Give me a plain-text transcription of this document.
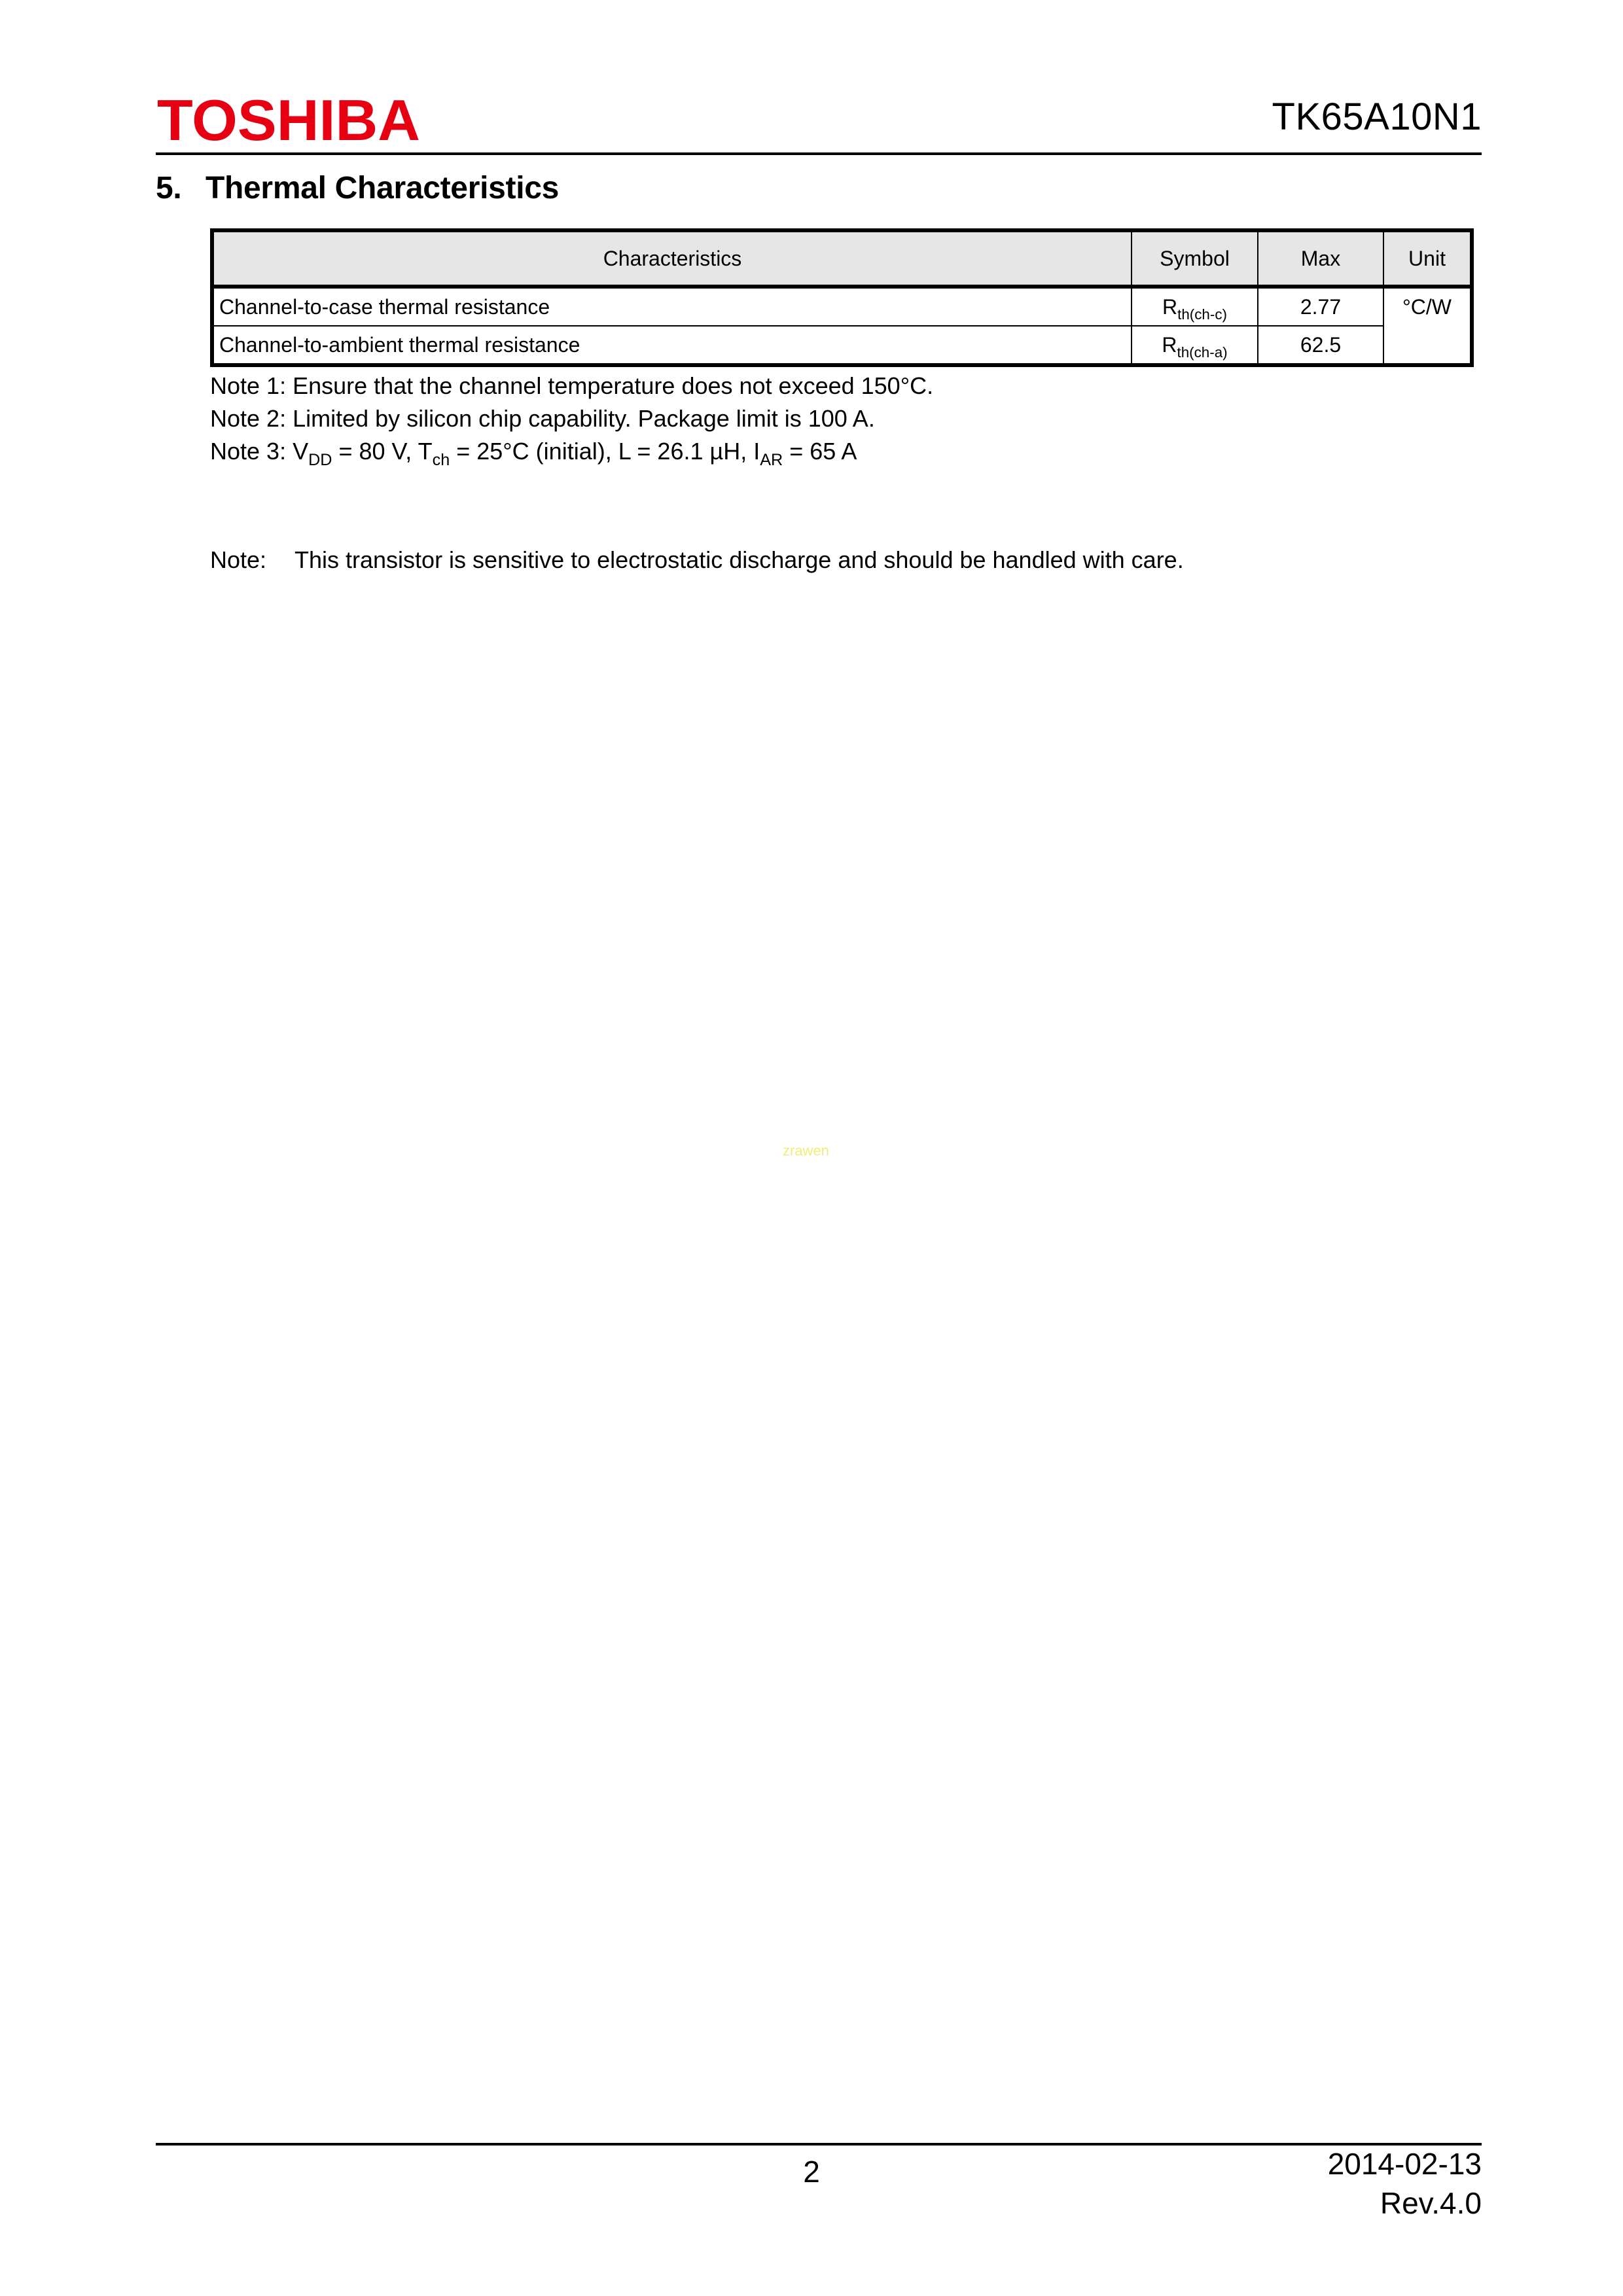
TOSHIBA	TK65A10N1
5. Thermal Characteristics
Characteristics	Symbol	Max	Unit
Channel-to-case thermal resistance	$R_{th(ch-c)}$	2.77	°C/W
Channel-to-ambient thermal resistance	$R_{th(ch-a)}$	62.5	
Note 1: Ensure that the channel temperature does not exceed 150°C.
Note 2: Limited by silicon chip capability. Package limit is 100 A.
Note 3: $V_{DD} = 80$ V, $T_{ch} = 25^\circ C$ (initial), L = 26.1 µH, $I_{AR} = 65$ A
Note: This transistor is sensitive to electrostatic discharge and should be handled with care.
zrawen
2	2014-02-13
Rev.4.0
